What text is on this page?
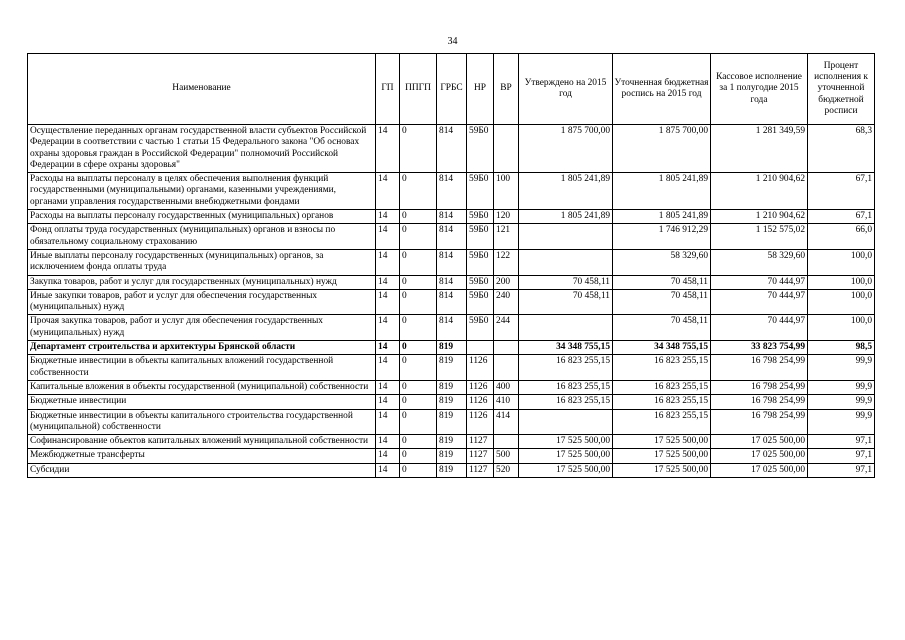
34
Наименование	ГП	ППГП	ГРБС	НР	ВР	Утверждено на 2015 год	Уточненная бюджетная роспись на 2015 год	Кассовое исполнение за 1 полугодие 2015 года	Процент исполнения к уточненной бюджетной росписи
Осуществление переданных органам государственной власти субъектов Российской Федерации в соответствии с частью 1 статьи 15 Федерального закона "Об основах охраны здоровья граждан в Российской Федерации" полномочий Российской Федерации в сфере охраны здоровья"	14	0	814	59Б0		1 875 700,00	1 875 700,00	1 281 349,59	68,3
Расходы на выплаты персоналу в целях обеспечения выполнения функций государственными (муниципальными) органами, казенными учреждениями, органами управления государственными внебюджетными фондами	14	0	814	59Б0	100	1 805 241,89	1 805 241,89	1 210 904,62	67,1
Расходы на выплаты персоналу государственных (муниципальных) органов	14	0	814	59Б0	120	1 805 241,89	1 805 241,89	1 210 904,62	67,1
Фонд оплаты труда государственных (муниципальных) органов и взносы по обязательному социальному страхованию	14	0	814	59Б0	121		1 746 912,29	1 152 575,02	66,0
Иные выплаты персоналу государственных (муниципальных) органов, за исключением фонда оплаты труда	14	0	814	59Б0	122		58 329,60	58 329,60	100,0
Закупка товаров, работ и услуг для государственных (муниципальных) нужд	14	0	814	59Б0	200	70 458,11	70 458,11	70 444,97	100,0
Иные закупки товаров, работ и услуг для обеспечения государственных (муниципальных) нужд	14	0	814	59Б0	240	70 458,11	70 458,11	70 444,97	100,0
Прочая закупка товаров, работ и услуг для обеспечения государственных (муниципальных) нужд	14	0	814	59Б0	244		70 458,11	70 444,97	100,0
Департамент строительства и архитектуры Брянской области	14	0	819			34 348 755,15	34 348 755,15	33 823 754,99	98,5
Бюджетные инвестиции в объекты капитальных вложений государственной собственности	14	0	819	1126		16 823 255,15	16 823 255,15	16 798 254,99	99,9
Капитальные вложения в объекты государственной (муниципальной) собственности	14	0	819	1126	400	16 823 255,15	16 823 255,15	16 798 254,99	99,9
Бюджетные инвестиции	14	0	819	1126	410	16 823 255,15	16 823 255,15	16 798 254,99	99,9
Бюджетные инвестиции в объекты капитального строительства государственной (муниципальной) собственности	14	0	819	1126	414		16 823 255,15	16 798 254,99	99,9
Софинансирование объектов капитальных вложений муниципальной собственности	14	0	819	1127		17 525 500,00	17 525 500,00	17 025 500,00	97,1
Межбюджетные трансферты	14	0	819	1127	500	17 525 500,00	17 525 500,00	17 025 500,00	97,1
Субсидии	14	0	819	1127	520	17 525 500,00	17 525 500,00	17 025 500,00	97,1
